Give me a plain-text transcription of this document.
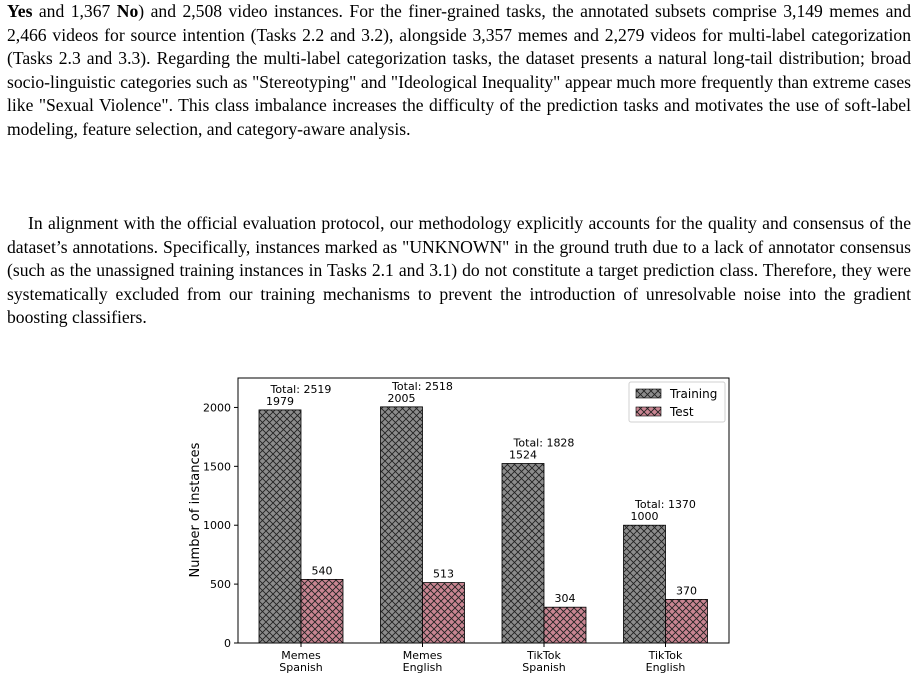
Yes and 1,367 No) and 2,508 video instances. For the finer-grained tasks, the annotated subsets comprise 3,149 memes and 2,466 videos for source intention (Tasks 2.2 and 3.2), alongside 3,357 memes and 2,279 videos for multi-label categorization (Tasks 2.3 and 3.3). Regarding the multi-label categorization tasks, the dataset presents a natural long-tail distribution; broad socio-linguistic categories such as "Stereotyping" and "Ideological Inequality" appear much more frequently than extreme cases like "Sexual Violence". This class imbalance increases the difficulty of the prediction tasks and motivates the use of soft-label modeling, feature selection, and category-aware analysis.

In alignment with the official evaluation protocol, our methodology explicitly accounts for the quality and consensus of the dataset’s annotations. Specifically, instances marked as "UNKNOWN" in the ground truth due to a lack of annotator consensus (such as the unassigned training instances in Tasks 2.1 and 3.1) do not constitute a target prediction class. Therefore, they were systematically excluded from our training mechanisms to prevent the introduction of unresolvable noise into the gradient boosting classifiers.

0
500
1000
1500
2000
1979
540
Total: 2519
2005
513
Total: 2518
1524
304
Total: 1828
1000
370
Total: 1370
Memes
Spanish
Memes
English
TikTok
Spanish
TikTok
English
Number of instances
Training
Test
